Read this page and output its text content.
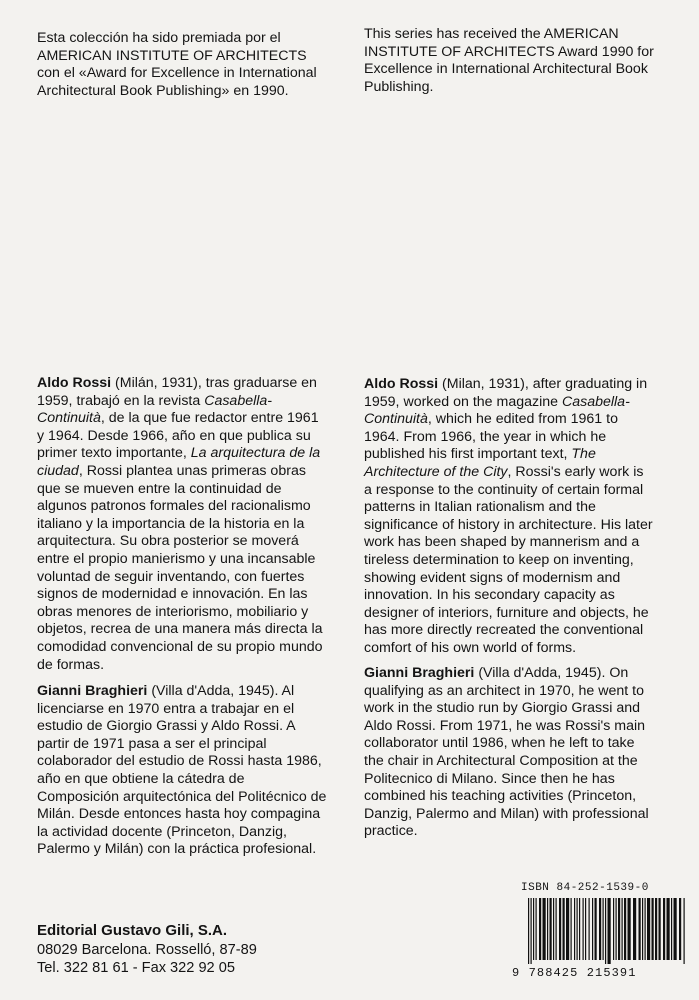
Esta colección ha sido premiada por el
AMERICAN INSTITUTE OF ARCHITECTS
con el «Award for Excellence in International
Architectural Book Publishing» en 1990.
This series has received the AMERICAN
INSTITUTE OF ARCHITECTS Award 1990 for
Excellence in International Architectural Book
Publishing.
Aldo Rossi (Milán, 1931), tras graduarse en
1959, trabajó en la revista Casabella-
Continuità, de la que fue redactor entre 1961
y 1964. Desde 1966, año en que publica su
primer texto importante, La arquitectura de la
ciudad, Rossi plantea unas primeras obras
que se mueven entre la continuidad de
algunos patronos formales del racionalismo
italiano y la importancia de la historia en la
arquitectura. Su obra posterior se moverá
entre el propio manierismo y una incansable
voluntad de seguir inventando, con fuertes
signos de modernidad e innovación. En las
obras menores de interiorismo, mobiliario y
objetos, recrea de una manera más directa la
comodidad convencional de su propio mundo
de formas.
Aldo Rossi (Milan, 1931), after graduating in
1959, worked on the magazine Casabella-
Continuità, which he edited from 1961 to
1964. From 1966, the year in which he
published his first important text, The
Architecture of the City, Rossi's early work is
a response to the continuity of certain formal
patterns in Italian rationalism and the
significance of history in architecture. His later
work has been shaped by mannerism and a
tireless determination to keep on inventing,
showing evident signs of modernism and
innovation. In his secondary capacity as
designer of interiors, furniture and objects, he
has more directly recreated the conventional
comfort of his own world of forms.
Gianni Braghieri (Villa d'Adda, 1945). Al
licenciarse en 1970 entra a trabajar en el
estudio de Giorgio Grassi y Aldo Rossi. A
partir de 1971 pasa a ser el principal
colaborador del estudio de Rossi hasta 1986,
año en que obtiene la cátedra de
Composición arquitectónica del Politécnico de
Milán. Desde entonces hasta hoy compagina
la actividad docente (Princeton, Danzig,
Palermo y Milán) con la práctica profesional.
Gianni Braghieri (Villa d'Adda, 1945). On
qualifying as an architect in 1970, he went to
work in the studio run by Giorgio Grassi and
Aldo Rossi. From 1971, he was Rossi's main
collaborator until 1986, when he left to take
the chair in Architectural Composition at the
Politecnico di Milano. Since then he has
combined his teaching activities (Princeton,
Danzig, Palermo and Milan) with professional
practice.
Editorial Gustavo Gili, S.A.
08029 Barcelona. Rosselló, 87-89
Tel. 322 81 61 - Fax 322 92 05
ISBN 84-252-1539-0
9 788425 215391
